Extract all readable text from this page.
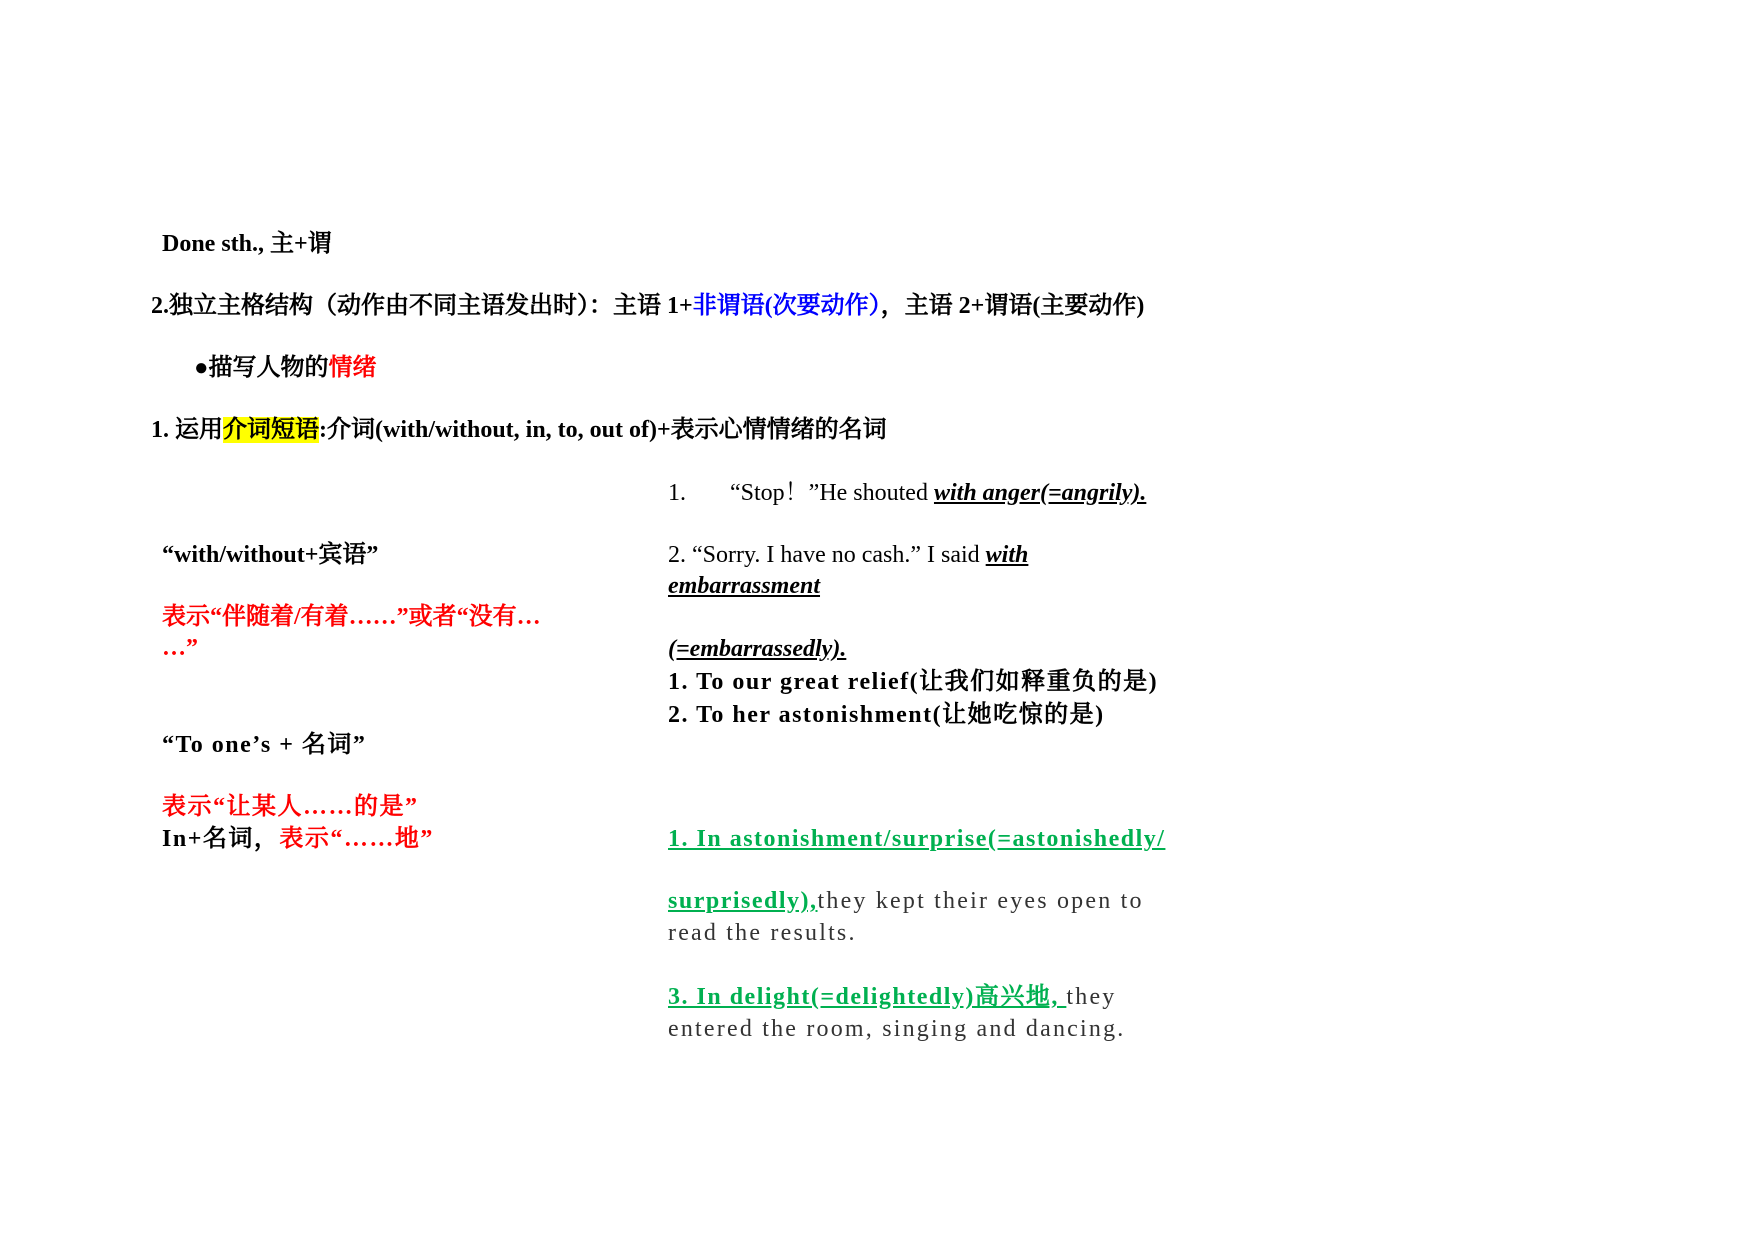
Done sth., 主+谓
2.独立主格结构（动作由不同主语发出时）：主语 1+非谓语(次要动作），主语 2+谓语(主要动作)
●描写人物的情绪
1. 运用介词短语:介词(with/without, in, to, out of)+表示心情情绪的名词
“with/without+宾语”
表示“伴随着/有着……”或者“没有…
…”
“To one’s + 名词”
表示“让某人……的是”
In+名词，表示“……地”
1. “Stop！”He shouted with anger(=angrily).
2. “Sorry. I have no cash.” I said with
embarrassment
(=embarrassedly).
1. To our great relief(让我们如释重负的是)
2. To her astonishment(让她吃惊的是)
1. In astonishment/surprise(=astonishedly/
surprisedly),they kept their eyes open to
read the results.
3. In delight(=delightedly)高兴地, they
entered the room, singing and dancing.
